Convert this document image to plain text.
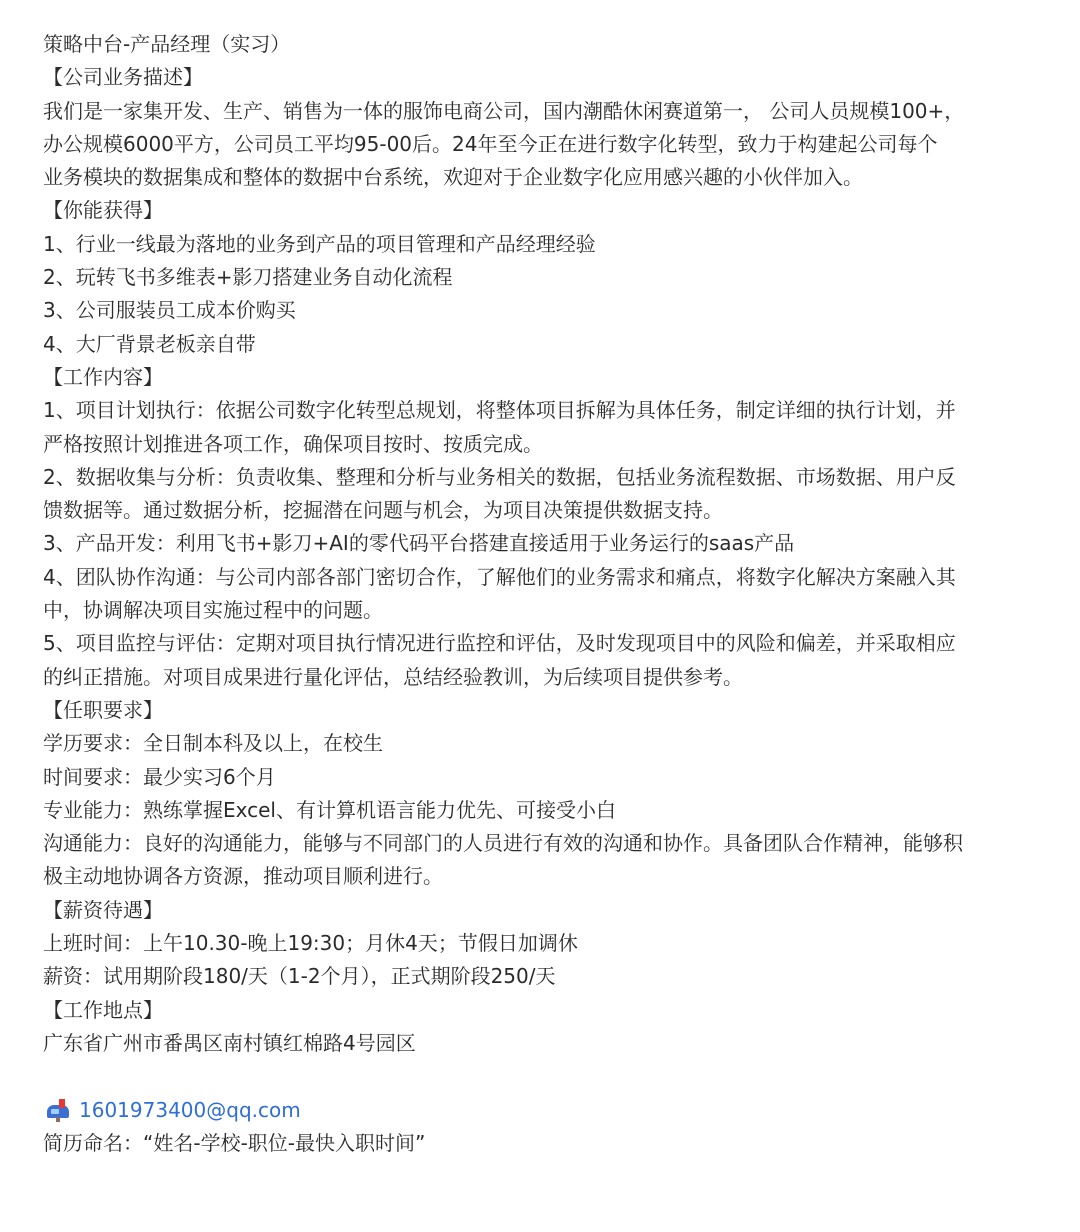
策略中台-产品经理（实习）
【公司业务描述】
我们是一家集开发、生产、销售为一体的服饰电商公司，国内潮酷休闲赛道第一， 公司人员规模100+，
办公规模6000平方，公司员工平均95-00后。24年至今正在进行数字化转型，致力于构建起公司每个
业务模块的数据集成和整体的数据中台系统，欢迎对于企业数字化应用感兴趣的小伙伴加入。
【你能获得】
1、行业一线最为落地的业务到产品的项目管理和产品经理经验
2、玩转飞书多维表+影刀搭建业务自动化流程
3、公司服装员工成本价购买
4、大厂背景老板亲自带
【工作内容】
1、项目计划执行：依据公司数字化转型总规划，将整体项目拆解为具体任务，制定详细的执行计划，并
严格按照计划推进各项工作，确保项目按时、按质完成。
2、数据收集与分析：负责收集、整理和分析与业务相关的数据，包括业务流程数据、市场数据、用户反
馈数据等。通过数据分析，挖掘潜在问题与机会，为项目决策提供数据支持。
3、产品开发：利用飞书+影刀+AI的零代码平台搭建直接适用于业务运行的saas产品
4、团队协作沟通：与公司内部各部门密切合作，了解他们的业务需求和痛点，将数字化解决方案融入其
中，协调解决项目实施过程中的问题。
5、项目监控与评估：定期对项目执行情况进行监控和评估，及时发现项目中的风险和偏差，并采取相应
的纠正措施。对项目成果进行量化评估，总结经验教训，为后续项目提供参考。
【任职要求】
学历要求：全日制本科及以上，在校生
时间要求：最少实习6个月
专业能力：熟练掌握Excel、有计算机语言能力优先、可接受小白
沟通能力：良好的沟通能力，能够与不同部门的人员进行有效的沟通和协作。具备团队合作精神，能够积
极主动地协调各方资源，推动项目顺利进行。
【薪资待遇】
上班时间：上午10.30-晚上19:30；月休4天；节假日加调休
薪资：试用期阶段180/天（1-2个月），正式期阶段250/天
【工作地点】
广东省广州市番禺区南村镇红棉路4号园区
1601973400@qq.com
简历命名：“姓名-学校-职位-最快入职时间”
